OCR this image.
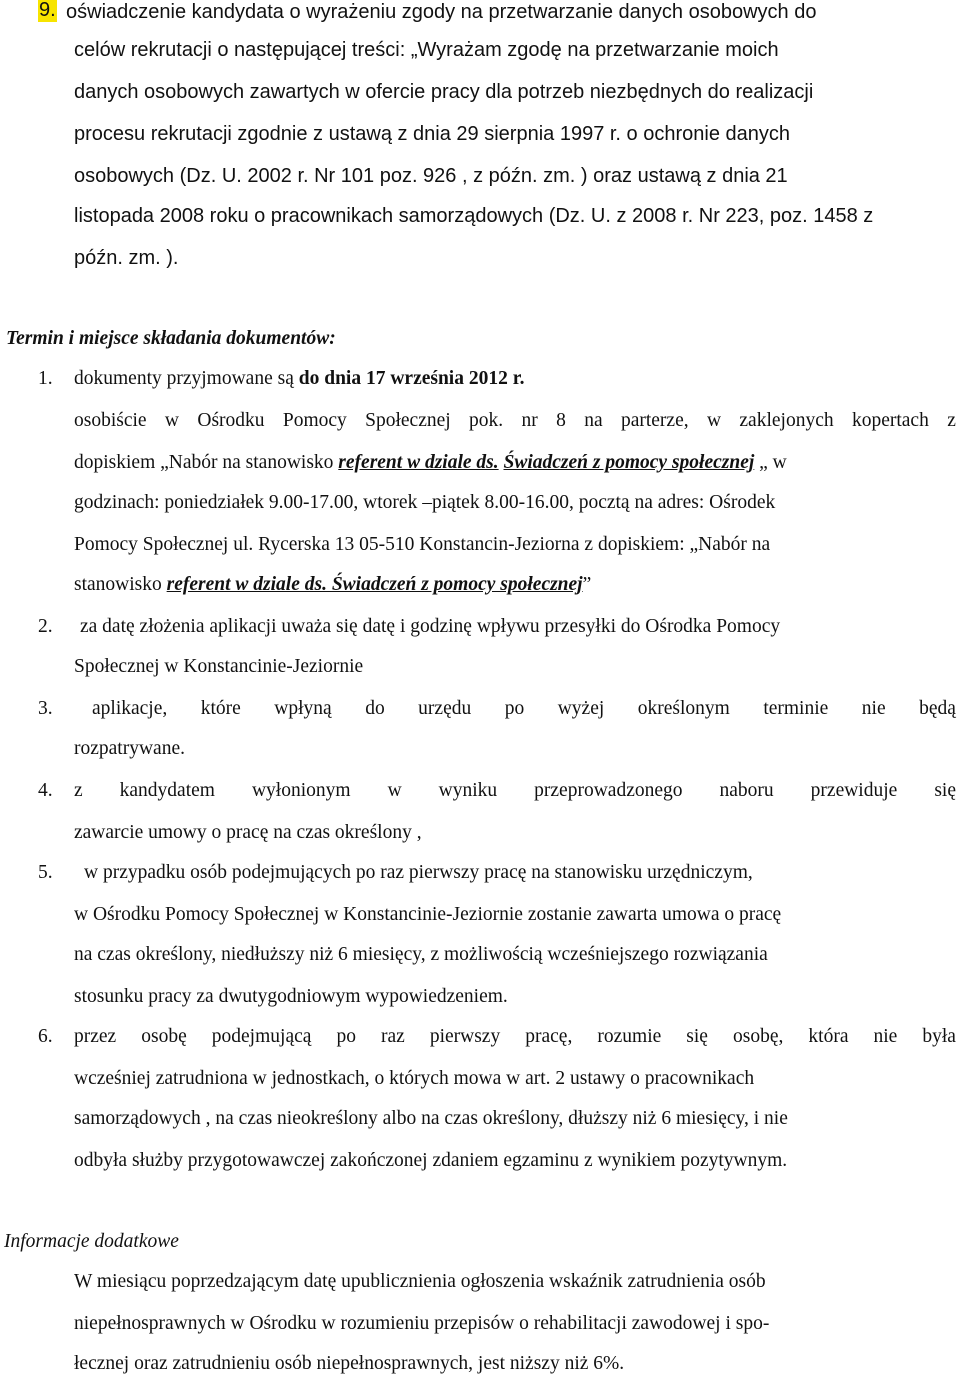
9. oświadczenie kandydata o wyrażeniu zgody na przetwarzanie danych osobowych do
celów rekrutacji o następującej treści: „Wyrażam zgodę na przetwarzanie moich
danych osobowych zawartych w ofercie pracy dla potrzeb niezbędnych do realizacji
procesu rekrutacji zgodnie z ustawą z dnia 29 sierpnia 1997 r. o ochronie danych
osobowych (Dz. U. 2002 r. Nr 101 poz. 926 , z późn. zm. ) oraz ustawą z dnia 21
listopada 2008 roku o pracownikach samorządowych (Dz. U. z 2008 r. Nr 223, poz. 1458 z
późn. zm. ).
Termin i miejsce składania dokumentów:
1. dokumenty przyjmowane są do dnia 17 września 2012 r.
osobiście w Ośrodku Pomocy Społecznej pok. nr 8 na parterze, w zaklejonych kopertach z
dopiskiem „Nabór na stanowisko referent w dziale ds. Świadczeń z pomocy społecznej „ w
godzinach: poniedziałek 9.00-17.00, wtorek –piątek 8.00-16.00, pocztą na adres: Ośrodek
Pomocy Społecznej ul. Rycerska 13 05-510 Konstancin-Jeziorna z dopiskiem: „Nabór na
stanowisko referent w dziale ds. Świadczeń z pomocy społecznej”
2. za datę złożenia aplikacji uważa się datę i godzinę wpływu przesyłki do Ośrodka Pomocy
Społecznej w Konstancinie-Jeziornie
3. aplikacje, które wpłyną do urzędu po wyżej określonym terminie nie będą
rozpatrywane.
4. z kandydatem wyłonionym w wyniku przeprowadzonego naboru przewiduje się
zawarcie umowy o pracę na czas określony ,
5. w przypadku osób podejmujących po raz pierwszy pracę na stanowisku urzędniczym,
w Ośrodku Pomocy Społecznej w Konstancinie-Jeziornie zostanie zawarta umowa o pracę
na czas określony, niedłuższy niż 6 miesięcy, z możliwością wcześniejszego rozwiązania
stosunku pracy za dwutygodniowym wypowiedzeniem.
6. przez osobę podejmującą po raz pierwszy pracę, rozumie się osobę, która nie była
wcześniej zatrudniona w jednostkach, o których mowa w art. 2 ustawy o pracownikach
samorządowych , na czas nieokreślony albo na czas określony, dłuższy niż 6 miesięcy, i nie
odbyła służby przygotowawczej zakończonej zdaniem egzaminu z wynikiem pozytywnym.
Informacje dodatkowe
W miesiącu poprzedzającym datę upublicznienia ogłoszenia wskaźnik zatrudnienia osób
niepełnosprawnych w Ośrodku w rozumieniu przepisów o rehabilitacji zawodowej i spo-
łecznej oraz zatrudnieniu osób niepełnosprawnych, jest niższy niż 6%.
